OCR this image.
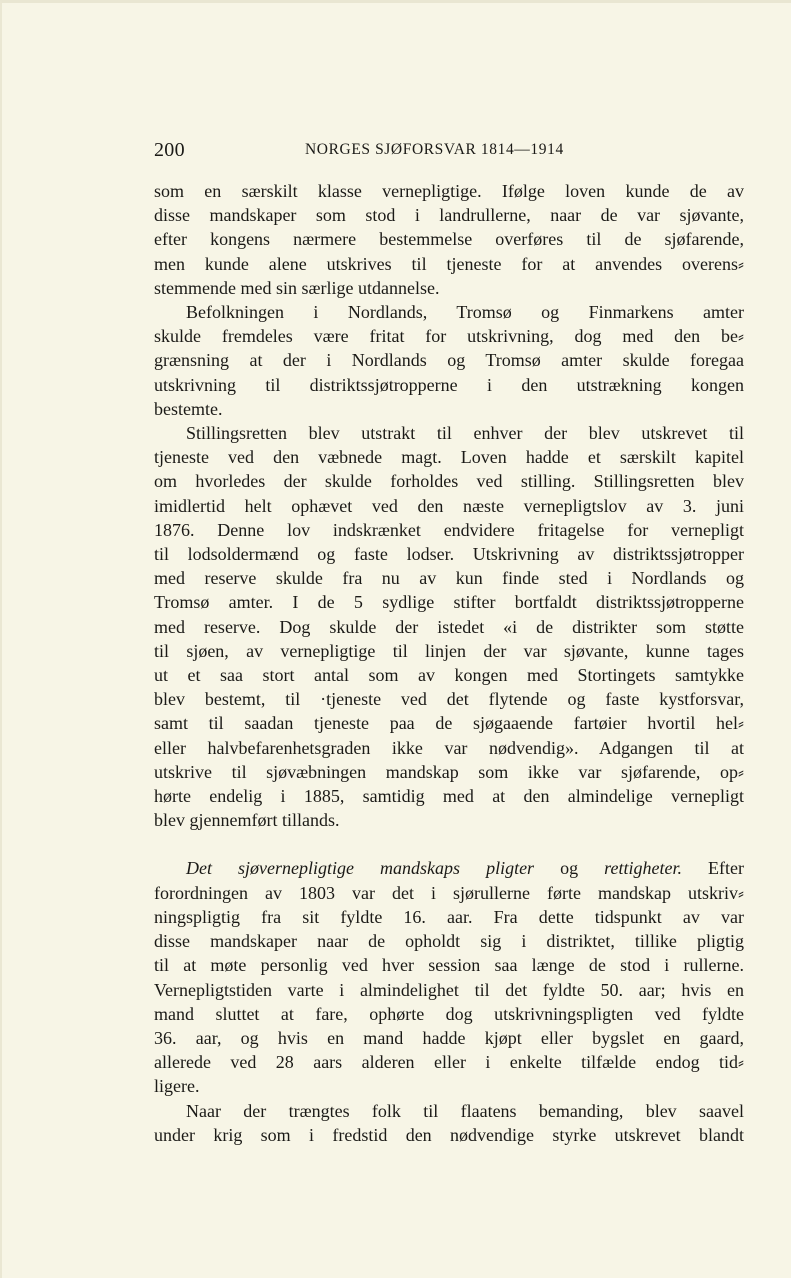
200	NORGES SJØFORSVAR 1814—1914
som en særskilt klasse vernepligtige. Ifølge loven kunde de av
disse mandskaper som stod i landrullerne, naar de var sjøvante,
efter kongens nærmere bestemmelse overføres til de sjøfarende,
men kunde alene utskrives til tjeneste for at anvendes overens⸗
stemmende med sin særlige utdannelse.
Befolkningen i Nordlands, Tromsø og Finmarkens amter
skulde fremdeles være fritat for utskrivning, dog med den be⸗
grænsning at der i Nordlands og Tromsø amter skulde foregaa
utskrivning til distriktssjøtropperne i den utstrækning kongen
bestemte.
Stillingsretten blev utstrakt til enhver der blev utskrevet til
tjeneste ved den væbnede magt. Loven hadde et særskilt kapitel
om hvorledes der skulde forholdes ved stilling. Stillingsretten blev
imidlertid helt ophævet ved den næste vernepligtslov av 3. juni
1876. Denne lov indskrænket endvidere fritagelse for vernepligt
til lodsoldermænd og faste lodser. Utskrivning av distriktssjøtropper
med reserve skulde fra nu av kun finde sted i Nordlands og
Tromsø amter. I de 5 sydlige stifter bortfaldt distriktssjøtropperne
med reserve. Dog skulde der istedet «i de distrikter som støtte
til sjøen, av vernepligtige til linjen der var sjøvante, kunne tages
ut et saa stort antal som av kongen med Stortingets samtykke
blev bestemt, til ·tjeneste ved det flytende og faste kystforsvar,
samt til saadan tjeneste paa de sjøgaaende fartøier hvortil hel⸗
eller halvbefarenhetsgraden ikke var nødvendig». Adgangen til at
utskrive til sjøvæbningen mandskap som ikke var sjøfarende, op⸗
hørte endelig i 1885, samtidig med at den almindelige vernepligt
blev gjennemført tillands.
Det sjøvernepligtige mandskaps pligter og rettigheter. Efter
forordningen av 1803 var det i sjørullerne førte mandskap utskriv⸗
ningspligtig fra sit fyldte 16. aar. Fra dette tidspunkt av var
disse mandskaper naar de opholdt sig i distriktet, tillike pligtig
til at møte personlig ved hver session saa længe de stod i rullerne.
Vernepligtstiden varte i almindelighet til det fyldte 50. aar; hvis en
mand sluttet at fare, ophørte dog utskrivningspligten ved fyldte
36. aar, og hvis en mand hadde kjøpt eller bygslet en gaard,
allerede ved 28 aars alderen eller i enkelte tilfælde endog tid⸗
ligere.
Naar der trængtes folk til flaatens bemanding, blev saavel
under krig som i fredstid den nødvendige styrke utskrevet blandt
